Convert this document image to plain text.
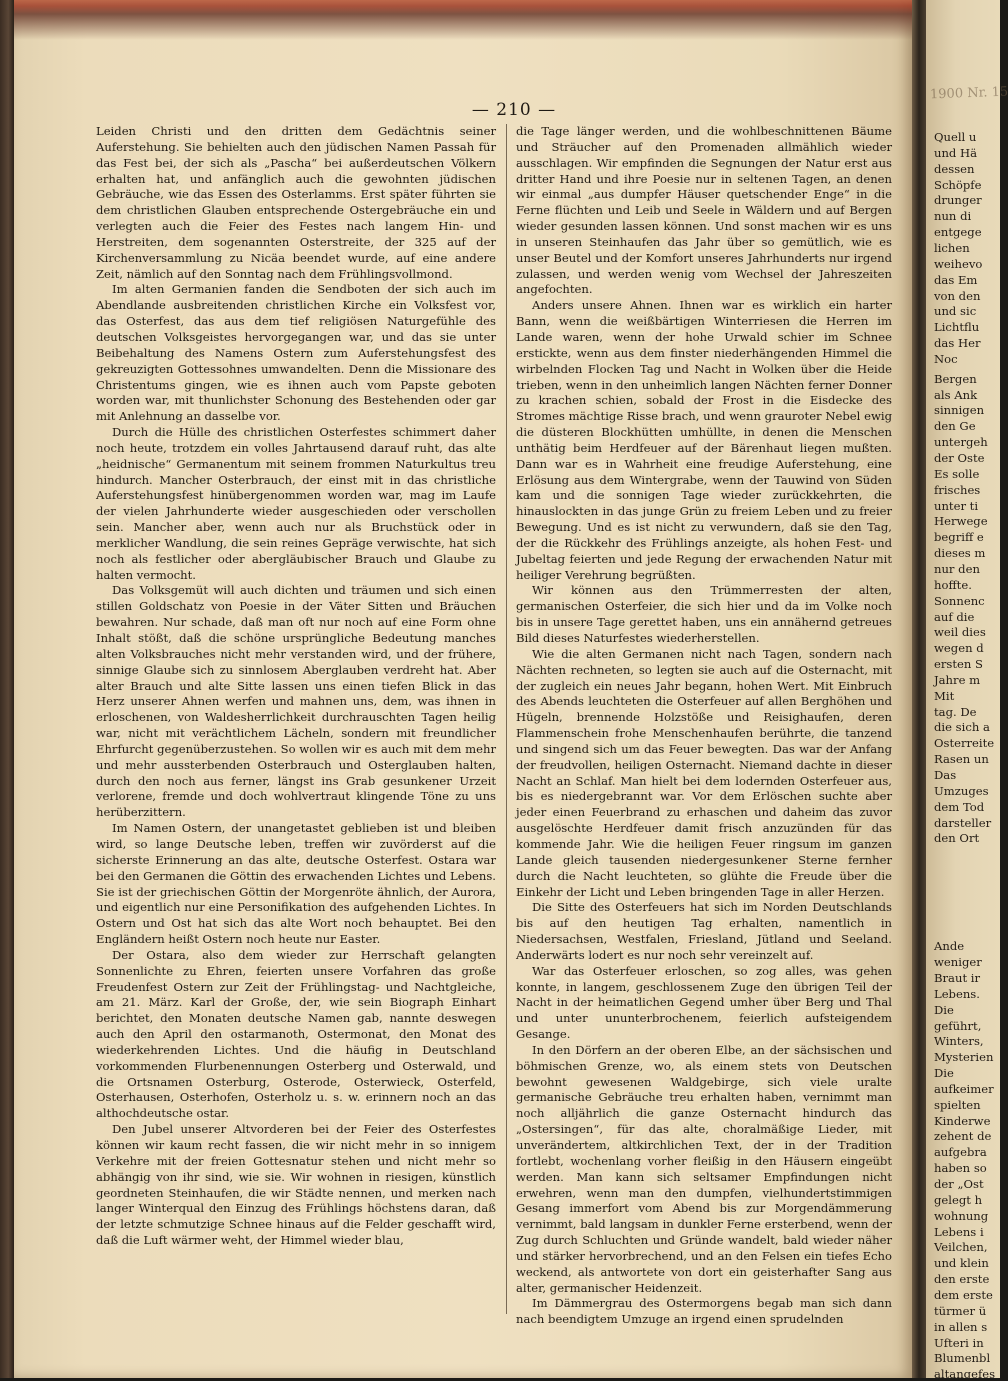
— 210 —

Leiden Christi und den dritten dem Gedächtnis seiner Auferstehung. Sie behielten auch den jüdischen Namen Passah für das Fest bei, der sich als „Pascha“ bei außerdeutschen Völkern erhalten hat, und anfänglich auch die gewohnten jüdischen Gebräuche, wie das Essen des Osterlamms. Erst später führten sie dem christlichen Glauben entsprechende Ostergebräuche ein und verlegten auch die Feier des Festes nach langem Hin- und Herstreiten, dem sogenannten Osterstreite, der 325 auf der Kirchenversammlung zu Nicäa beendet wurde, auf eine andere Zeit, nämlich auf den Sonntag nach dem Frühlingsvollmond.

Im alten Germanien fanden die Sendboten der sich auch im Abendlande ausbreitenden christlichen Kirche ein Volksfest vor, das Osterfest, das aus dem tief religiösen Naturgefühle des deutschen Volksgeistes hervorgegangen war, und das sie unter Beibehaltung des Namens Ostern zum Auferstehungsfest des gekreuzigten Gottessohnes umwandelten. Denn die Missionare des Christentums gingen, wie es ihnen auch vom Papste geboten worden war, mit thunlichster Schonung des Bestehenden oder gar mit Anlehnung an dasselbe vor.

Durch die Hülle des christlichen Osterfestes schimmert daher noch heute, trotzdem ein volles Jahrtausend darauf ruht, das alte „heidnische“ Germanentum mit seinem frommen Naturkultus treu hindurch. Mancher Osterbrauch, der einst mit in das christliche Auferstehungsfest hinübergenommen worden war, mag im Laufe der vielen Jahrhunderte wieder ausgeschieden oder verschollen sein. Mancher aber, wenn auch nur als Bruchstück oder in merklicher Wandlung, die sein reines Gepräge verwischte, hat sich noch als festlicher oder abergläubischer Brauch und Glaube zu halten vermocht.

Das Volksgemüt will auch dichten und träumen und sich einen stillen Goldschatz von Poesie in der Väter Sitten und Bräuchen bewahren. Nur schade, daß man oft nur noch auf eine Form ohne Inhalt stößt, daß die schöne ursprüngliche Bedeutung manches alten Volksbrauches nicht mehr verstanden wird, und der frühere, sinnige Glaube sich zu sinnlosem Aberglauben verdreht hat. Aber alter Brauch und alte Sitte lassen uns einen tiefen Blick in das Herz unserer Ahnen werfen und mahnen uns, dem, was ihnen in erloschenen, von Waldesherrlichkeit durchrauschten Tagen heilig war, nicht mit verächtlichem Lächeln, sondern mit freundlicher Ehrfurcht gegenüberzustehen. So wollen wir es auch mit dem mehr und mehr aussterbenden Osterbrauch und Osterglauben halten, durch den noch aus ferner, längst ins Grab gesunkener Urzeit verlorene, fremde und doch wohlvertraut klingende Töne zu uns herüberzittern.

Im Namen Ostern, der unangetastet geblieben ist und bleiben wird, so lange Deutsche leben, treffen wir zuvörderst auf die sicherste Erinnerung an das alte, deutsche Osterfest. Ostara war bei den Germanen die Göttin des erwachenden Lichtes und Lebens. Sie ist der griechischen Göttin der Morgenröte ähnlich, der Aurora, und eigentlich nur eine Personifikation des aufgehenden Lichtes. In Ostern und Ost hat sich das alte Wort noch behauptet. Bei den Engländern heißt Ostern noch heute nur Easter.

Der Ostara, also dem wieder zur Herrschaft gelangten Sonnenlichte zu Ehren, feierten unsere Vorfahren das große Freudenfest Ostern zur Zeit der Frühlingstag- und Nachtgleiche, am 21. März. Karl der Große, der, wie sein Biograph Einhart berichtet, den Monaten deutsche Namen gab, nannte deswegen auch den April den ostarmanoth, Ostermonat, den Monat des wiederkehrenden Lichtes. Und die häufig in Deutschland vorkommenden Flurbenennungen Osterberg und Osterwald, und die Ortsnamen Osterburg, Osterode, Osterwieck, Osterfeld, Osterhausen, Osterhofen, Osterholz u. s. w. erinnern noch an das althochdeutsche ostar.

Den Jubel unserer Altvorderen bei der Feier des Osterfestes können wir kaum recht fassen, die wir nicht mehr in so innigem Verkehre mit der freien Gottesnatur stehen und nicht mehr so abhängig von ihr sind, wie sie. Wir wohnen in riesigen, künstlich geordneten Steinhaufen, die wir Städte nennen, und merken nach langer Winterqual den Einzug des Frühlings höchstens daran, daß der letzte schmutzige Schnee hinaus auf die Felder geschafft wird, daß die Luft wärmer weht, der Himmel wieder blau,

die Tage länger werden, und die wohlbeschnittenen Bäume und Sträucher auf den Promenaden allmählich wieder ausschlagen. Wir empfinden die Segnungen der Natur erst aus dritter Hand und ihre Poesie nur in seltenen Tagen, an denen wir einmal „aus dumpfer Häuser quetschender Enge“ in die Ferne flüchten und Leib und Seele in Wäldern und auf Bergen wieder gesunden lassen können. Und sonst machen wir es uns in unseren Steinhaufen das Jahr über so gemütlich, wie es unser Beutel und der Komfort unseres Jahrhunderts nur irgend zulassen, und werden wenig vom Wechsel der Jahreszeiten angefochten.

Anders unsere Ahnen. Ihnen war es wirklich ein harter Bann, wenn die weißbärtigen Winterriesen die Herren im Lande waren, wenn der hohe Urwald schier im Schnee erstickte, wenn aus dem finster niederhängenden Himmel die wirbelnden Flocken Tag und Nacht in Wolken über die Heide trieben, wenn in den unheimlich langen Nächten ferner Donner zu krachen schien, sobald der Frost in die Eisdecke des Stromes mächtige Risse brach, und wenn grauroter Nebel ewig die düsteren Blockhütten umhüllte, in denen die Menschen unthätig beim Herdfeuer auf der Bärenhaut liegen mußten. Dann war es in Wahrheit eine freudige Auferstehung, eine Erlösung aus dem Wintergrabe, wenn der Tauwind von Süden kam und die sonnigen Tage wieder zurückkehrten, die hinauslockten in das junge Grün zu freiem Leben und zu freier Bewegung. Und es ist nicht zu verwundern, daß sie den Tag, der die Rückkehr des Frühlings anzeigte, als hohen Fest- und Jubeltag feierten und jede Regung der erwachenden Natur mit heiliger Verehrung begrüßten.

Wir können aus den Trümmerresten der alten, germanischen Osterfeier, die sich hier und da im Volke noch bis in unsere Tage gerettet haben, uns ein annähernd getreues Bild dieses Naturfestes wiederherstellen.

Wie die alten Germanen nicht nach Tagen, sondern nach Nächten rechneten, so legten sie auch auf die Osternacht, mit der zugleich ein neues Jahr begann, hohen Wert. Mit Einbruch des Abends leuchteten die Osterfeuer auf allen Berghöhen und Hügeln, brennende Holzstöße und Reisighaufen, deren Flammenschein frohe Menschenhaufen berührte, die tanzend und singend sich um das Feuer bewegten. Das war der Anfang der freudvollen, heiligen Osternacht. Niemand dachte in dieser Nacht an Schlaf. Man hielt bei dem lodernden Osterfeuer aus, bis es niedergebrannt war. Vor dem Erlöschen suchte aber jeder einen Feuerbrand zu erhaschen und daheim das zuvor ausgelöschte Herdfeuer damit frisch anzuzünden für das kommende Jahr. Wie die heiligen Feuer ringsum im ganzen Lande gleich tausenden niedergesunkener Sterne fernher durch die Nacht leuchteten, so glühte die Freude über die Einkehr der Licht und Leben bringenden Tage in aller Herzen.

Die Sitte des Osterfeuers hat sich im Norden Deutschlands bis auf den heutigen Tag erhalten, namentlich in Niedersachsen, Westfalen, Friesland, Jütland und Seeland. Anderwärts lodert es nur noch sehr vereinzelt auf.

War das Osterfeuer erloschen, so zog alles, was gehen konnte, in langem, geschlossenem Zuge den übrigen Teil der Nacht in der heimatlichen Gegend umher über Berg und Thal und unter ununterbrochenem, feierlich aufsteigendem Gesange.

In den Dörfern an der oberen Elbe, an der sächsischen und böhmischen Grenze, wo, als einem stets von Deutschen bewohnt gewesenen Waldgebirge, sich viele uralte germanische Gebräuche treu erhalten haben, vernimmt man noch alljährlich die ganze Osternacht hindurch das „Ostersingen“, für das alte, choralmäßige Lieder, mit unverändertem, altkirchlichen Text, der in der Tradition fortlebt, wochenlang vorher fleißig in den Häusern eingeübt werden. Man kann sich seltsamer Empfindungen nicht erwehren, wenn man den dumpfen, vielhundertstimmigen Gesang immerfort vom Abend bis zur Morgendämmerung vernimmt, bald langsam in dunkler Ferne ersterbend, wenn der Zug durch Schluchten und Gründe wandelt, bald wieder näher und stärker hervorbrechend, und an den Felsen ein tiefes Echo weckend, als antwortete von dort ein geisterhafter Sang aus alter, germanischer Heidenzeit.

Im Dämmergrau des Ostermorgens begab man sich dann nach beendigtem Umzuge an irgend einen sprudelnden

1900 Nr. 15
Quell u
und Hä
dessen
Schöpfe
drunger
nun di
entgege
lichen
weihevo
das Em
von den
und sic
Lichtflu
das Her
Noc
Bergen
als Ank
sinnigen
den Ge
untergeh
der Oste
Es solle
frisches
unter ti
Herwege
begriff e
dieses m
nur den
hoffte.
Sonnenc
auf die
weil dies
wegen d
ersten S
Jahre m
Mit
tag. De
die sich a
Osterreite
Rasen un
Das
Umzuges
dem Tod
darsteller
den Ort
Ande
weniger
Braut ir
Lebens.
Die
geführt,
Winters,
Mysterien
Die
aufkeimer
spielten
Kinderwe
zehent de
aufgebra
haben so
der „Ost
gelegt h
wohnung
Lebens i
Veilchen,
und klein
den erste
dem erste
türmer ü
in allen s
Ufteri in
Blumenbl
altangefes
